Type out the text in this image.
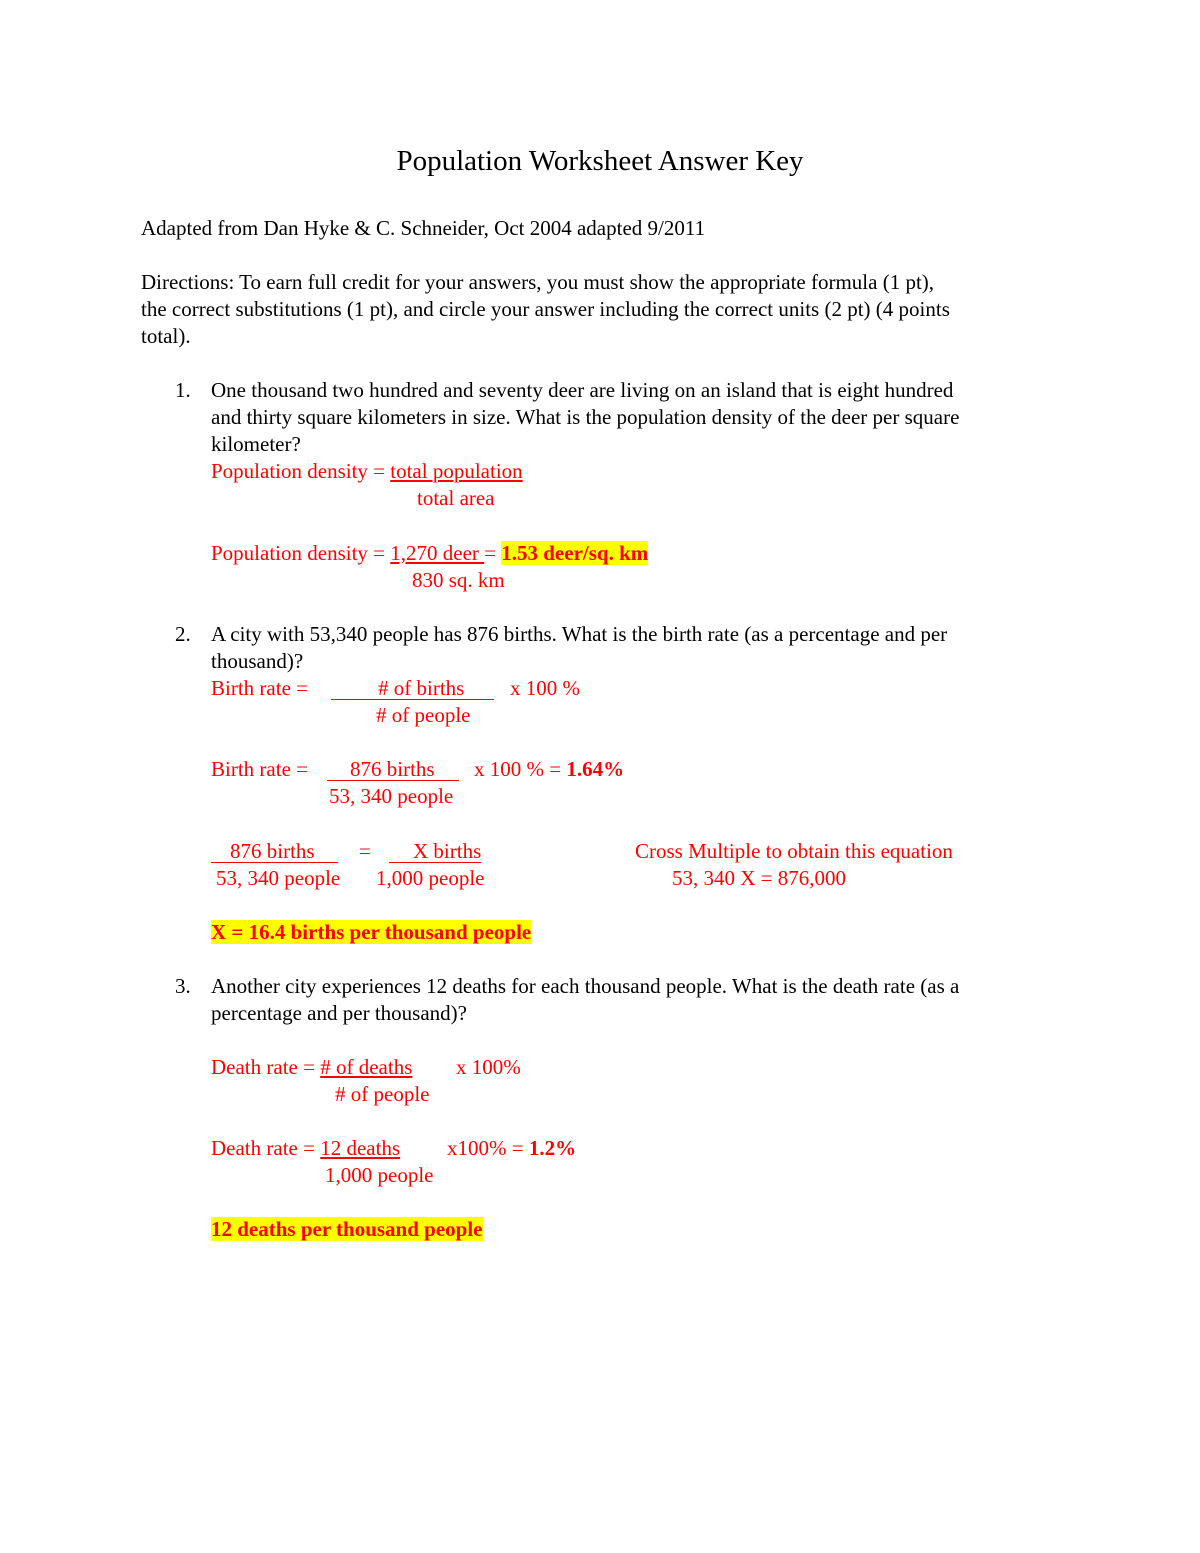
Population Worksheet Answer Key
Adapted from Dan Hyke & C. Schneider, Oct 2004 adapted 9/2011
Directions: To earn full credit for your answers, you must show the appropriate formula (1 pt),
the correct substitutions (1 pt), and circle your answer including the correct units (2 pt) (4 points
total).
1. One thousand two hundred and seventy deer are living on an island that is eight hundred
and thirty square kilometers in size. What is the population density of the deer per square
kilometer?
Population density = total population
total area
Population density = 1,270 deer = 1.53 deer/sq. km
830 sq. km
2. A city with 53,340 people has 876 births. What is the birth rate (as a percentage and per
thousand)?
Birth rate =	# of births	x 100 %
# of people
Birth rate =	876 births	x 100 % = 1.64%
53, 340 people
876 births	=	X births
53, 340 people 1,000 people
Cross Multiple to obtain this equation
53, 340 X = 876,000
X = 16.4 births per thousand people
3. Another city experiences 12 deaths for each thousand people. What is the death rate (as a
percentage and per thousand)?
Death rate = # of deaths x 100%
# of people
Death rate = 12 deaths x100% = 1.2%
1,000 people
12 deaths per thousand people
